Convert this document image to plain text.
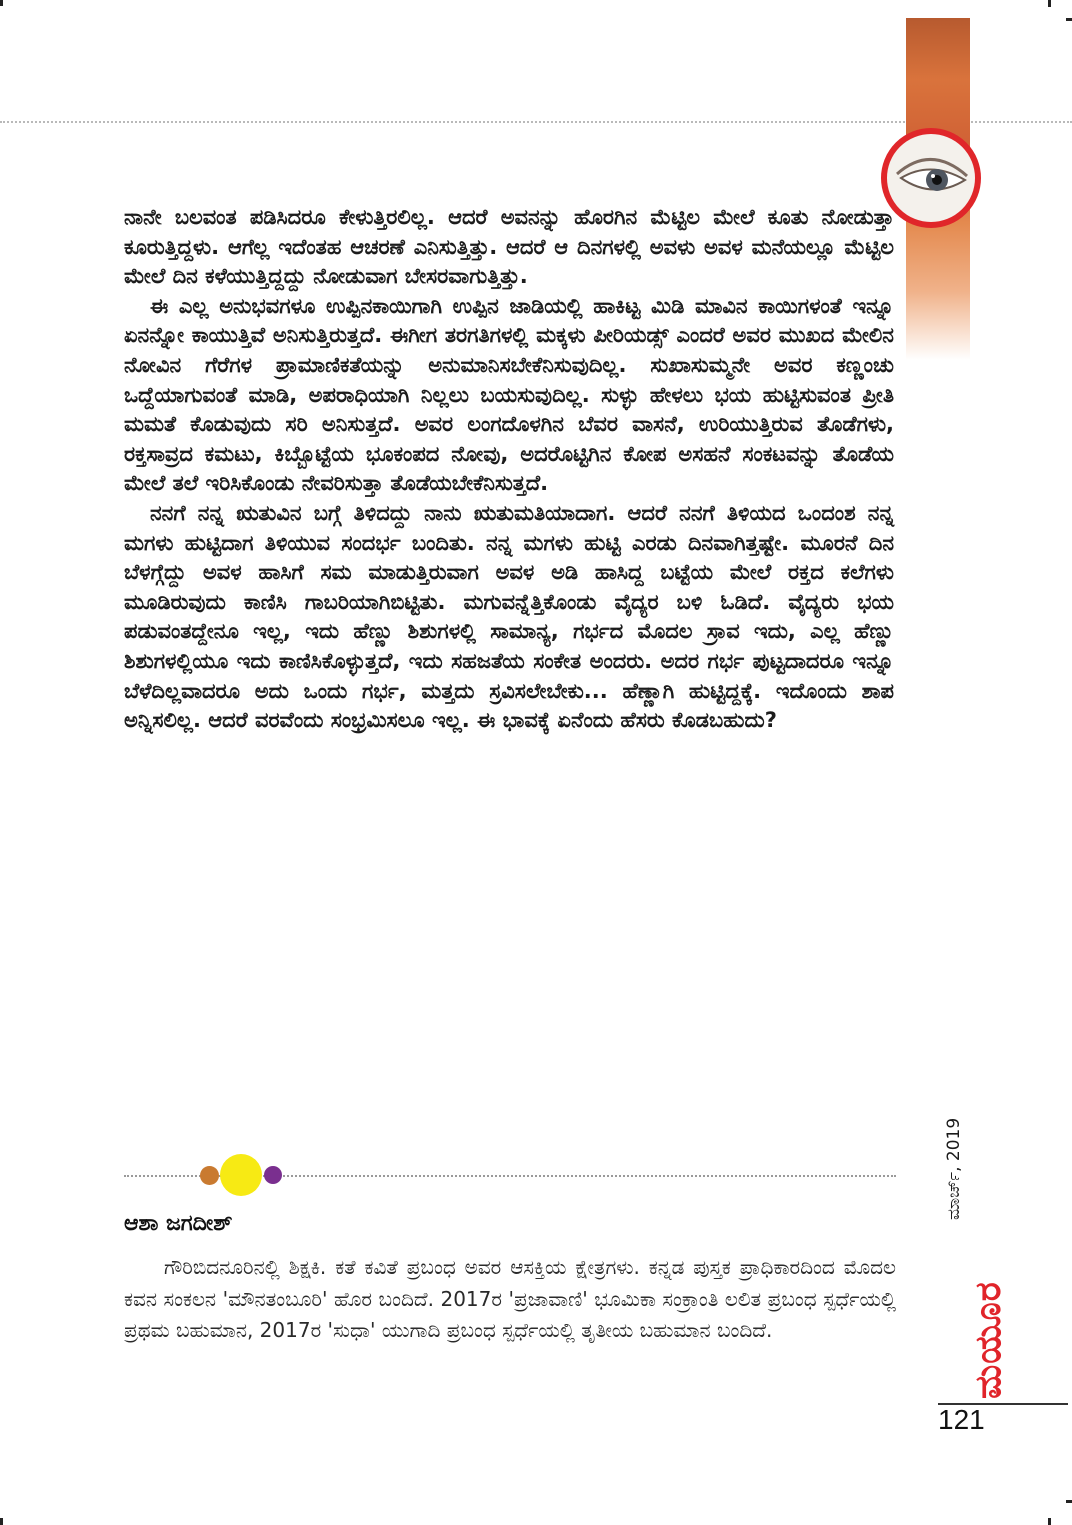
ನಾನೇ ಬಲವಂತ ಪಡಿಸಿದರೂ ಕೇಳುತ್ತಿರಲಿಲ್ಲ. ಆದರೆ ಅವನನ್ನು ಹೊರಗಿನ ಮೆಟ್ಟಿಲ ಮೇಲೆ ಕೂತು ನೋಡುತ್ತಾ ಕೂರುತ್ತಿದ್ದಳು. ಆಗೆಲ್ಲ ಇದೆಂತಹ ಆಚರಣೆ ಎನಿಸುತ್ತಿತ್ತು. ಆದರೆ ಆ ದಿನಗಳಲ್ಲಿ ಅವಳು ಅವಳ ಮನೆಯಲ್ಲೂ ಮೆಟ್ಟಿಲ ಮೇಲೆ ದಿನ ಕಳೆಯುತ್ತಿದ್ದದ್ದು ನೋಡುವಾಗ ಬೇಸರವಾಗುತ್ತಿತ್ತು.

ಈ ಎಲ್ಲ ಅನುಭವಗಳೂ ಉಪ್ಪಿನಕಾಯಿಗಾಗಿ ಉಪ್ಪಿನ ಜಾಡಿಯಲ್ಲಿ ಹಾಕಿಟ್ಟ ಮಿಡಿ ಮಾವಿನ ಕಾಯಿಗಳಂತೆ ಇನ್ನೂ ಏನನ್ನೋ ಕಾಯುತ್ತಿವೆ ಅನಿಸುತ್ತಿರುತ್ತದೆ. ಈಗೀಗ ತರಗತಿಗಳಲ್ಲಿ ಮಕ್ಕಳು ಪೀರಿಯಡ್ಸ್ ಎಂದರೆ ಅವರ ಮುಖದ ಮೇಲಿನ ನೋವಿನ ಗೆರೆಗಳ ಪ್ರಾಮಾಣಿಕತೆಯನ್ನು ಅನುಮಾನಿಸಬೇಕೆನಿಸುವುದಿಲ್ಲ. ಸುಖಾಸುಮ್ಮನೇ ಅವರ ಕಣ್ಣಂಚು ಒದ್ದೆಯಾಗುವಂತೆ ಮಾಡಿ, ಅಪರಾಧಿಯಾಗಿ ನಿಲ್ಲಲು ಬಯಸುವುದಿಲ್ಲ. ಸುಳ್ಳು ಹೇಳಲು ಭಯ ಹುಟ್ಟಿಸುವಂತ ಪ್ರೀತಿ ಮಮತೆ ಕೊಡುವುದು ಸರಿ ಅನಿಸುತ್ತದೆ. ಅವರ ಲಂಗದೊಳಗಿನ ಬೆವರ ವಾಸನೆ, ಉರಿಯುತ್ತಿರುವ ತೊಡೆಗಳು, ರಕ್ತಸಾವ್ರದ ಕಮಟು, ಕಿಬ್ಬೊಟ್ಟೆಯ ಭೂಕಂಪದ ನೋವು, ಅದರೊಟ್ಟಿಗಿನ ಕೋಪ ಅಸಹನೆ ಸಂಕಟವನ್ನು ತೊಡೆಯ ಮೇಲೆ ತಲೆ ಇರಿಸಿಕೊಂಡು ನೇವರಿಸುತ್ತಾ ತೊಡೆಯಬೇಕೆನಿಸುತ್ತದೆ.

ನನಗೆ ನನ್ನ ಋತುವಿನ ಬಗ್ಗೆ ತಿಳಿದದ್ದು ನಾನು ಋತುಮತಿಯಾದಾಗ. ಆದರೆ ನನಗೆ ತಿಳಿಯದ ಒಂದಂಶ ನನ್ನ ಮಗಳು ಹುಟ್ಟಿದಾಗ ತಿಳಿಯುವ ಸಂದರ್ಭ ಬಂದಿತು. ನನ್ನ ಮಗಳು ಹುಟ್ಟಿ ಎರಡು ದಿನವಾಗಿತ್ತಷ್ಟೇ. ಮೂರನೆ ದಿನ ಬೆಳಗ್ಗೆದ್ದು ಅವಳ ಹಾಸಿಗೆ ಸಮ ಮಾಡುತ್ತಿರುವಾಗ ಅವಳ ಅಡಿ ಹಾಸಿದ್ದ ಬಟ್ಟೆಯ ಮೇಲೆ ರಕ್ತದ ಕಲೆಗಳು ಮೂಡಿರುವುದು ಕಾಣಿಸಿ ಗಾಬರಿಯಾಗಿಬಿಟ್ಟಿತು. ಮಗುವನ್ನೆತ್ತಿಕೊಂಡು ವೈದ್ಯರ ಬಳಿ ಓಡಿದೆ. ವೈದ್ಯರು ಭಯ ಪಡುವಂತದ್ದೇನೂ ಇಲ್ಲ, ಇದು ಹೆಣ್ಣು ಶಿಶುಗಳಲ್ಲಿ ಸಾಮಾನ್ಯ, ಗರ್ಭದ ಮೊದಲ ಸ್ರಾವ ಇದು, ಎಲ್ಲ ಹೆಣ್ಣು ಶಿಶುಗಳಲ್ಲಿಯೂ ಇದು ಕಾಣಿಸಿಕೊಳ್ಳುತ್ತದೆ, ಇದು ಸಹಜತೆಯ ಸಂಕೇತ ಅಂದರು. ಅದರ ಗರ್ಭ ಪುಟ್ಟದಾದರೂ ಇನ್ನೂ ಬೆಳೆದಿಲ್ಲವಾದರೂ ಅದು ಒಂದು ಗರ್ಭ, ಮತ್ತದು ಸ್ರವಿಸಲೇಬೇಕು... ಹೆಣ್ಣಾಗಿ ಹುಟ್ಟಿದ್ದಕ್ಕೆ. ಇದೊಂದು ಶಾಪ ಅನ್ನಿಸಲಿಲ್ಲ. ಆದರೆ ವರವೆಂದು ಸಂಭ್ರಮಿಸಲೂ ಇಲ್ಲ. ಈ ಭಾವಕ್ಕೆ ಏನೆಂದು ಹೆಸರು ಕೊಡಬಹುದು?

ಆಶಾ ಜಗದೀಶ್

ಗೌರಿಬಿದನೂರಿನಲ್ಲಿ ಶಿಕ್ಷಕಿ. ಕತೆ ಕವಿತೆ ಪ್ರಬಂಧ ಅವರ ಆಸಕ್ತಿಯ ಕ್ಷೇತ್ರಗಳು. ಕನ್ನಡ ಪುಸ್ತಕ ಪ್ರಾಧಿಕಾರದಿಂದ ಮೊದಲ ಕವನ ಸಂಕಲನ 'ಮೌನತಂಬೂರಿ' ಹೊರ ಬಂದಿದೆ. 2017ರ 'ಪ್ರಜಾವಾಣಿ' ಭೂಮಿಕಾ ಸಂಕ್ರಾಂತಿ ಲಲಿತ ಪ್ರಬಂಧ ಸ್ಪರ್ಧೆಯಲ್ಲಿ ಪ್ರಥಮ ಬಹುಮಾನ, 2017ರ 'ಸುಧಾ' ಯುಗಾದಿ ಪ್ರಬಂಧ ಸ್ಪರ್ಧೆಯಲ್ಲಿ ತೃತೀಯ ಬಹುಮಾನ ಬಂದಿದೆ.

ಮಾರ್ಚ್, 2019
ಮಯೂರ
121
